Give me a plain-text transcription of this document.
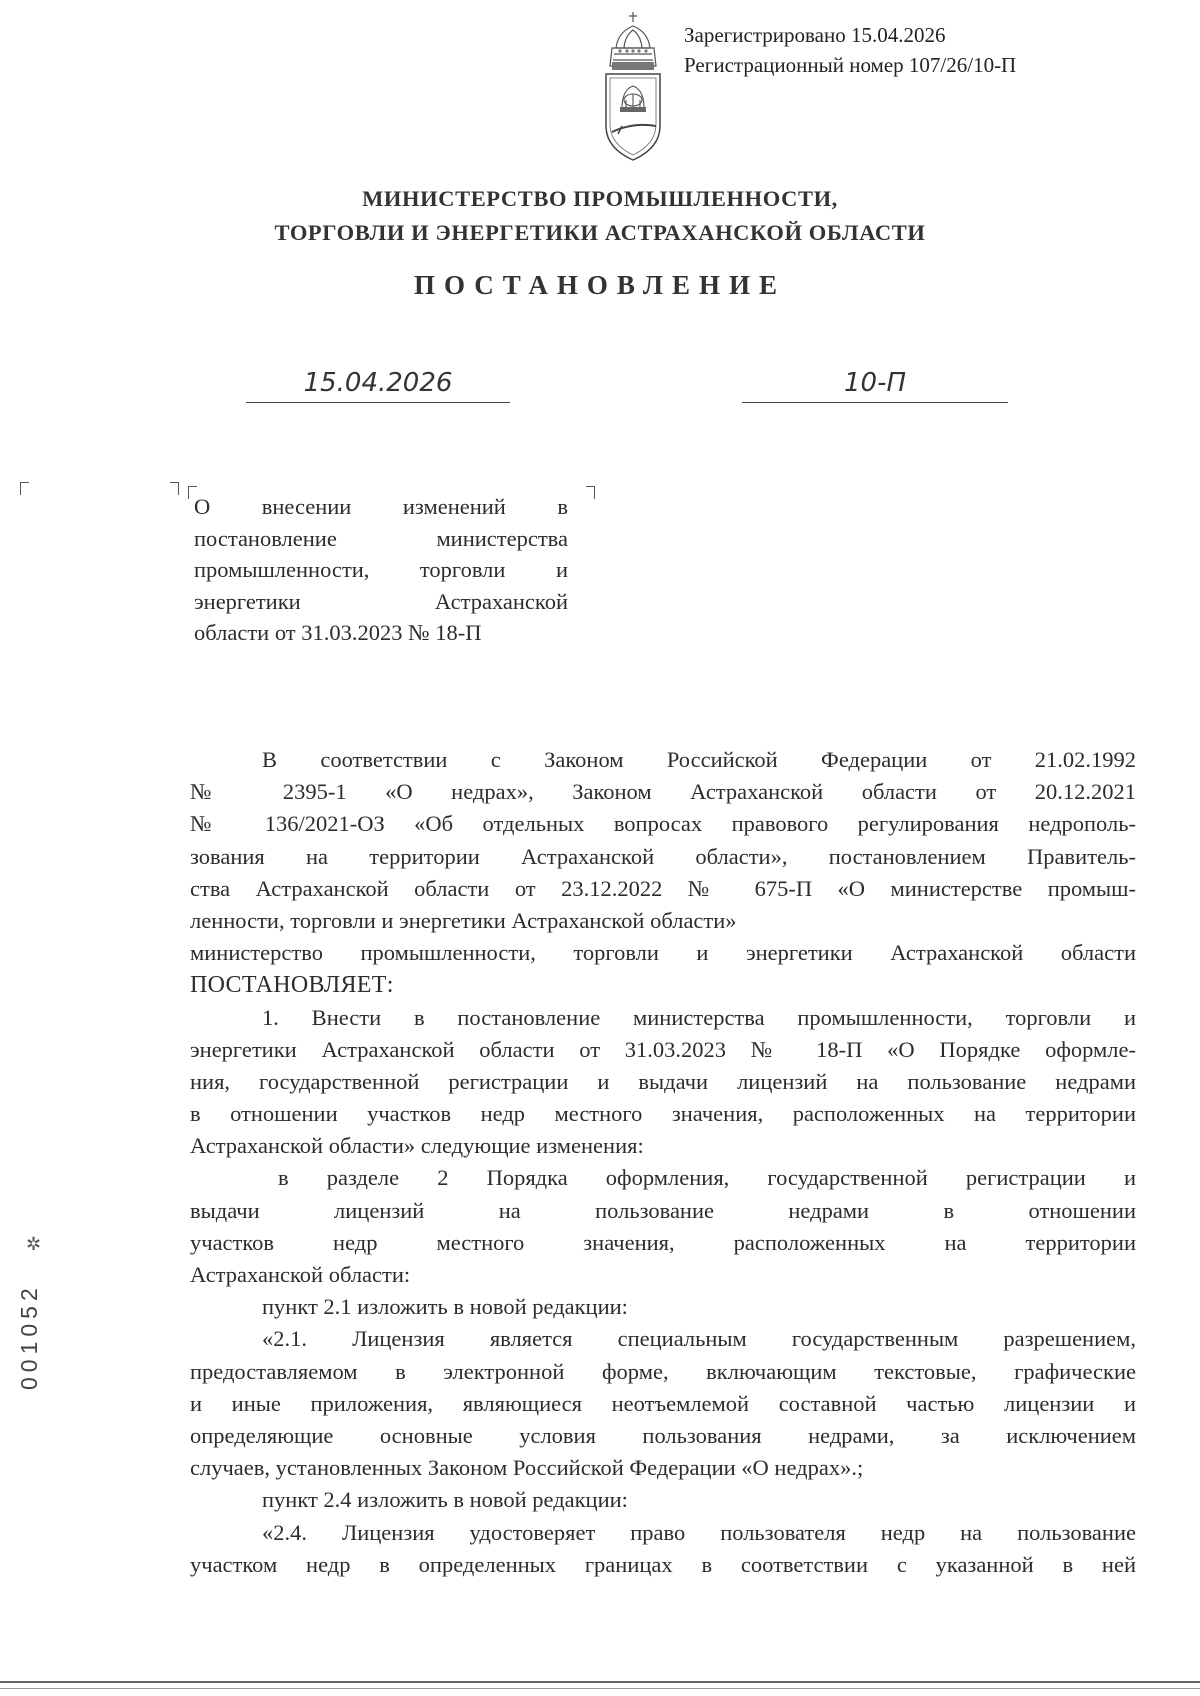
Зарегистрировано 15.04.2026
Регистрационный номер 107/26/10-П
МИНИСТЕРСТВО ПРОМЫШЛЕННОСТИ,
ТОРГОВЛИ И ЭНЕРГЕТИКИ АСТРАХАНСКОЙ ОБЛАСТИ
ПОСТАНОВЛЕНИЕ
15.04.2026	10-П
О внесении изменений в
постановление министерства
промышленности, торговли и
энергетики Астраханской
области от 31.03.2023 № 18-П
В соответствии с Законом Российской Федерации от 21.02.1992
№ 2395-1 «О недрах», Законом Астраханской области от 20.12.2021
№ 136/2021-ОЗ «Об отдельных вопросах правового регулирования недрополь-
зования на территории Астраханской области», постановлением Правитель-
ства Астраханской области от 23.12.2022 № 675-П «О министерстве промыш-
ленности, торговли и энергетики Астраханской области»
министерство промышленности, торговли и энергетики Астраханской области
ПОСТАНОВЛЯЕТ:
1. Внести в постановление министерства промышленности, торговли и
энергетики Астраханской области от 31.03.2023 № 18-П «О Порядке оформле-
ния, государственной регистрации и выдачи лицензий на пользование недрами
в отношении участков недр местного значения, расположенных на территории
Астраханской области» следующие изменения:
в разделе 2 Порядка оформления, государственной регистрации и
выдачи лицензий на пользование недрами в отношении
участков недр местного значения, расположенных на территории
Астраханской области:
пункт 2.1 изложить в новой редакции:
«2.1. Лицензия является специальным государственным разрешением,
предоставляемом в электронной форме, включающим текстовые, графические
и иные приложения, являющиеся неотъемлемой составной частью лицензии и
определяющие основные условия пользования недрами, за исключением
случаев, установленных Законом Российской Федерации «О недрах».;
пункт 2.4 изложить в новой редакции:
«2.4. Лицензия удостоверяет право пользователя недр на пользование
участком недр в определенных границах в соответствии с указанной в ней
✲
001052
